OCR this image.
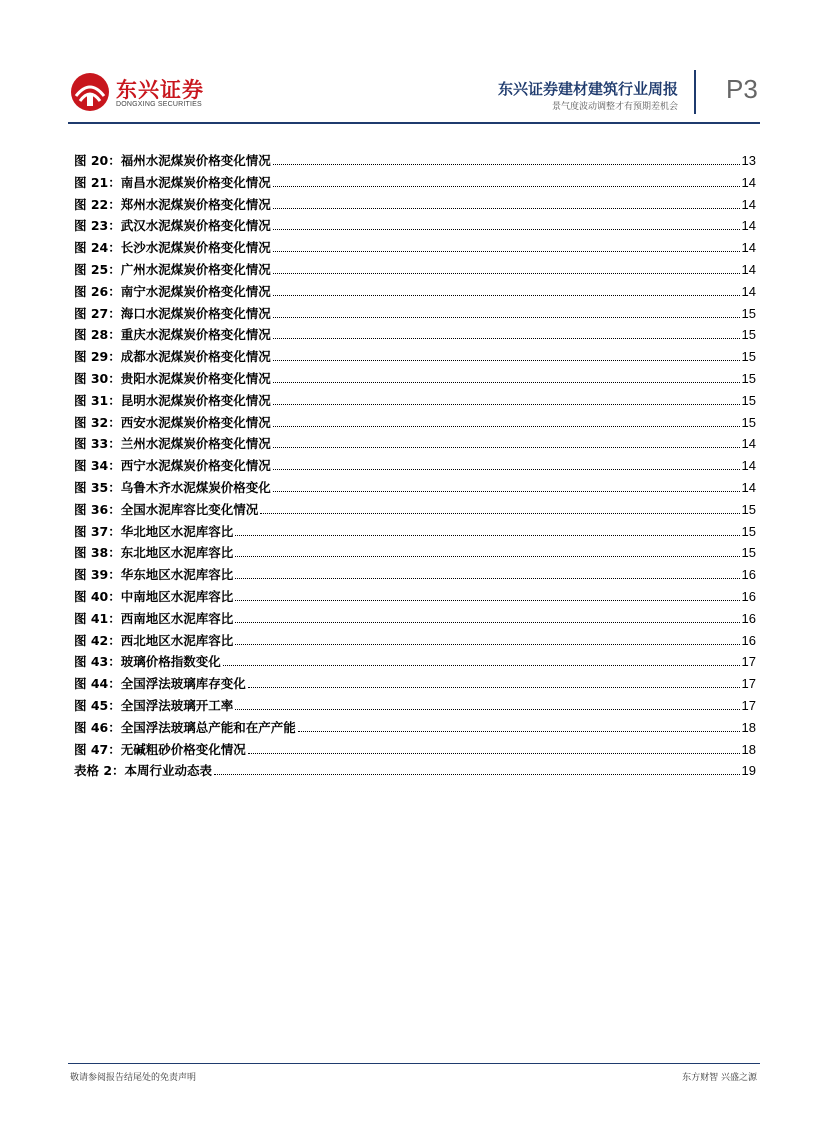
东兴证券
DONGXING SECURITIES
东兴证券建材建筑行业周报
景气度波动调整才有预期差机会
P3
图 20：福州水泥煤炭价格变化情况	13
图 21：南昌水泥煤炭价格变化情况	14
图 22：郑州水泥煤炭价格变化情况	14
图 23：武汉水泥煤炭价格变化情况	14
图 24：长沙水泥煤炭价格变化情况	14
图 25：广州水泥煤炭价格变化情况	14
图 26：南宁水泥煤炭价格变化情况	14
图 27：海口水泥煤炭价格变化情况	15
图 28：重庆水泥煤炭价格变化情况	15
图 29：成都水泥煤炭价格变化情况	15
图 30：贵阳水泥煤炭价格变化情况	15
图 31：昆明水泥煤炭价格变化情况	15
图 32：西安水泥煤炭价格变化情况	15
图 33：兰州水泥煤炭价格变化情况	14
图 34：西宁水泥煤炭价格变化情况	14
图 35：乌鲁木齐水泥煤炭价格变化	14
图 36：全国水泥库容比变化情况	15
图 37：华北地区水泥库容比	15
图 38：东北地区水泥库容比	15
图 39：华东地区水泥库容比	16
图 40：中南地区水泥库容比	16
图 41：西南地区水泥库容比	16
图 42：西北地区水泥库容比	16
图 43：玻璃价格指数变化	17
图 44：全国浮法玻璃库存变化	17
图 45：全国浮法玻璃开工率	17
图 46：全国浮法玻璃总产能和在产产能	18
图 47：无碱粗砂价格变化情况	18
表格 2：本周行业动态表	19
敬请参阅报告结尾处的免责声明	东方财智 兴盛之源
